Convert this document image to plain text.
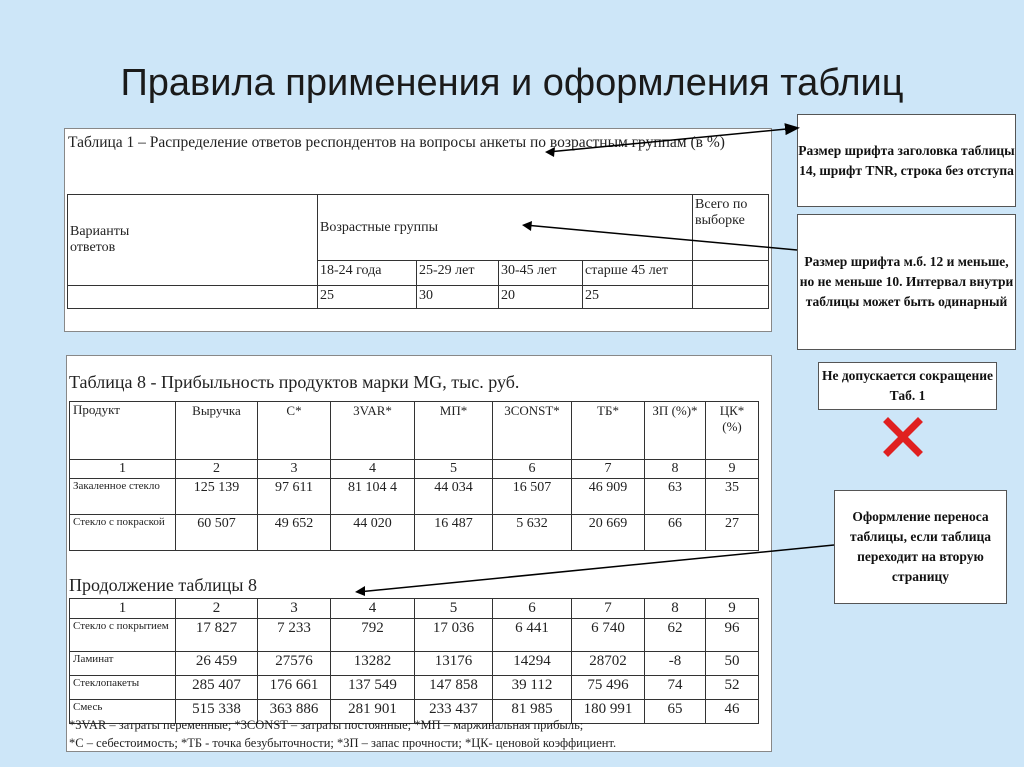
Правила применения и оформления таблиц
Таблица 1 – Распределение ответов респондентов на вопросы анкеты по возрастным группам (в %)
Варианты ответов	Возрастные группы				Всего по выборке
	18-24 года	25-29 лет	30-45 лет	старше 45 лет	
	25	30	20	25	
Таблица 8 - Прибыльность продуктов марки MG, тыс. руб.
Продукт	Выручка	С*	3VAR*	МП*	3CONST*	ТБ*	ЗП (%)*	ЦК* (%)
1	2	3	4	5	6	7	8	9
Закаленное стекло	125 139	97 611	81 104 4	44 034	16 507	46 909	63	35
Стекло с покраской	60 507	49 652	44 020	16 487	5 632	20 669	66	27
1	2	3	4	5	6	7	8	9
Стекло с покрытием	17 827	7 233	792	17 036	6 441	6 740	62	96
Ламинат	26 459	27576	13282	13176	14294	28702	-8	50
Стеклопакеты	285 407	176 661	137 549	147 858	39 112	75 496	74	52
Смесь	515 338	363 886	281 901	233 437	81 985	180 991	65	46
Продолжение таблицы 8
*3VAR – затраты переменные; *3CONST – затраты постоянные; *МП – маржинальная прибыль;
*С – себестоимость; *ТБ - точка безубыточности; *ЗП – запас прочности; *ЦК- ценовой коэффициент.
Размер шрифта заголовка таблицы 14, шрифт TNR, строка без отступа
Размер шрифта м.б. 12 и меньше, но не меньше 10. Интервал внутри таблицы может быть одинарный
Не допускается сокращение Таб. 1
Оформление переноса таблицы, если таблица переходит на вторую страницу
